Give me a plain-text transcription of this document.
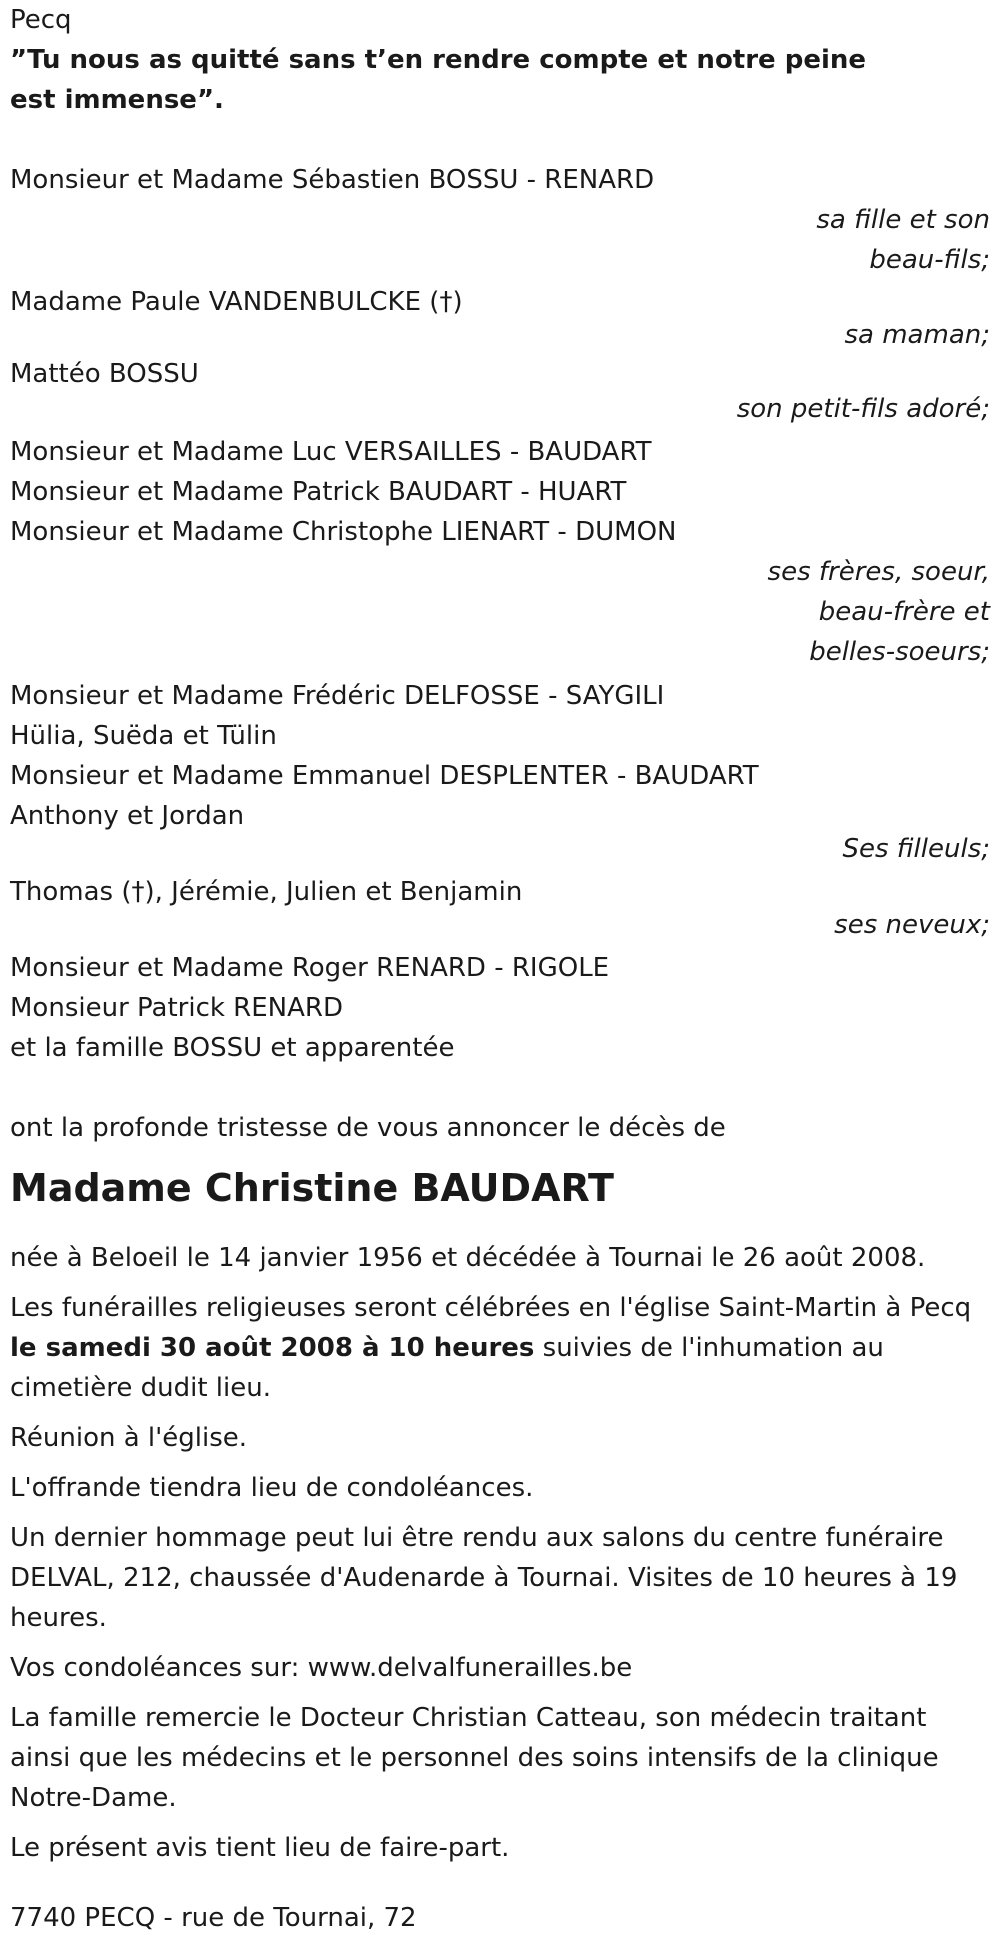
Pecq
”Tu nous as quitté sans t’en rendre compte et notre peine est immense”.
Monsieur et Madame Sébastien BOSSU - RENARD
sa fille et son
beau-fils;
Madame Paule VANDENBULCKE (†)
sa maman;
Mattéo BOSSU
son petit-fils adoré;
Monsieur et Madame Luc VERSAILLES - BAUDART
Monsieur et Madame Patrick BAUDART - HUART
Monsieur et Madame Christophe LIENART - DUMON
ses frères, soeur,
beau-frère et
belles-soeurs;
Monsieur et Madame Frédéric DELFOSSE - SAYGILI
Hülia, Suëda et Tülin
Monsieur et Madame Emmanuel DESPLENTER - BAUDART
Anthony et Jordan
Ses filleuls;
Thomas (†), Jérémie, Julien et Benjamin
ses neveux;
Monsieur et Madame Roger RENARD - RIGOLE
Monsieur Patrick RENARD
et la famille BOSSU et apparentée
ont la profonde tristesse de vous annoncer le décès de
Madame Christine BAUDART
née à Beloeil le 14 janvier 1956 et décédée à Tournai le 26 août 2008.
Les funérailles religieuses seront célébrées en l'église Saint-Martin à Pecq le samedi 30 août 2008 à 10 heures suivies de l'inhumation au cimetière dudit lieu.
Réunion à l'église.
L'offrande tiendra lieu de condoléances.
Un dernier hommage peut lui être rendu aux salons du centre funéraire DELVAL, 212, chaussée d'Audenarde à Tournai. Visites de 10 heures à 19 heures.
Vos condoléances sur: www.delvalfunerailles.be
La famille remercie le Docteur Christian Catteau, son médecin traitant ainsi que les médecins et le personnel des soins intensifs de la clinique Notre-Dame.
Le présent avis tient lieu de faire-part.
7740 PECQ - rue de Tournai, 72
